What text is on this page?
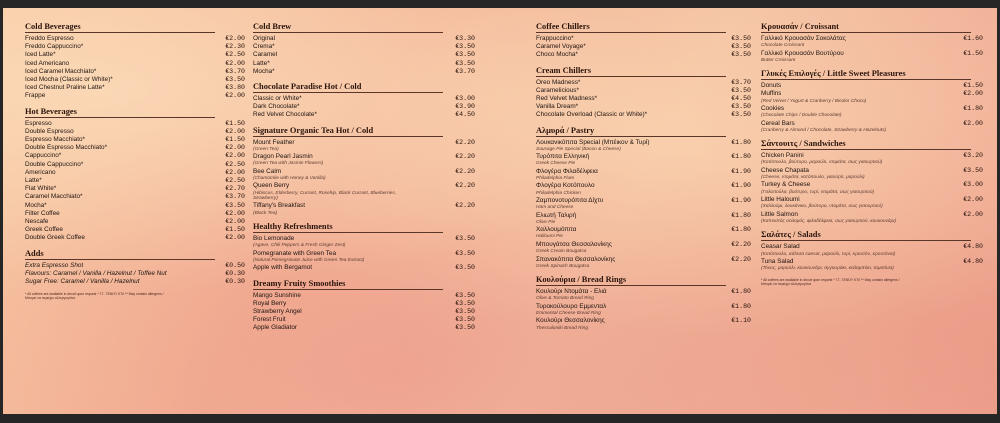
Cold Beverages
Freddo Espresso	€2.00
Freddo Cappuccino*	€2.30
Iced Latte*	€2.50
Iced Americano	€2.00
Iced Caramel Macchiato*	€3.70
Iced Mocha (Classic or White)*	€3.50
Iced Chestnut Praline Latte*	€3.80
Frappe	€2.00
Hot Beverages
Espresso	€1.50
Double Espresso	€2.00
Espresso Macchiato*	€1.50
Double Espresso Macchiato*	€2.00
Cappuccino*	€2.00
Double Cappuccino*	€2.50
Americano	€2.00
Latte*	€2.50
Flat White*	€2.70
Caramel Macchiato*	€3.70
Mocha*	€3.50
Filter Coffee	€2.00
Nescafe	€2.00
Greek Coffee	€1.50
Double Greek Coffee	€2.00
Adds
Extra Espresso Shot	€0.50
Flavours: Caramel / Vanilla / Hazelnut / Toffee Nut	€0.30
Sugar Free: Caramel / Vanilla / Hazelnut	€0.30
* All coffees are available in decaf upon request * Γ.Γ. ΞΕΝΟΥ ΚΤΛ ** May contain allergens / Μπορεί να περιέχει αλλεργιογόνα
Cold Brew
Original	€3.30
Crema*	€3.50
Caramel	€3.50
Latte*	€3.50
Mocha*	€3.70
Chocolate Paradise Hot / Cold
Classic or White*	€3.00
Dark Chocolate*	€3.90
Red Velvet Chocolate*	€4.50
Signature Organic Tea Hot / Cold
Mount Feather	€2.20
(Green Tea)
Dragon Pearl Jasmin	€2.20
(Green Tea with Jasmin Flowers)
Bee Calm	€2.20
(Chamomile with Honey & Vanilla)
Queen Berry	€2.20
(Hibiscus, Elderberry, Currant, Rosehip, Black Currant, Blueberries, Strawberry)
Tiffany's Breakfast	€2.20
(Black Tea)
Healthy Refreshments
Bio Lemonade	€3.50
(Agave, Chili Peppers & Fresh Ginger Zest)
Pomegranate with Green Tea	€3.50
(Natural Pomegranate Juice with Green Tea Extract)
Apple with Bergamot	€3.50
Dreamy Fruity Smoothies
Mango Sunshine	€3.50
Royal Berry	€3.50
Strawberry Angel	€3.50
Forest Fruit	€3.50
Apple Gladiator	€3.50
Coffee Chillers
Frappuccino*	€3.50
Caramel Voyage*	€3.50
Choco Mocha*	€3.50
Cream Chillers
Oreo Madness*	€3.70
Caramelicious*	€3.50
Red Velvet Madness*	€4.50
Vanilla Dream*	€3.50
Chocolate Overload (Classic or White)*	€3.50
Αλμυρά / Pastry
Λουκανικόπιτα Special (Μπέικον & Τυρί)	€1.80
Sausage Pie Special (Bacon & Cheese)
Τυρόπιτα Ελληνική	€1.80
Greek Cheese Pie
Φλογέρα Φιλαδέλφεια	€1.90
Philadelphia Flute
Φλογέρα Κοτόπουλο	€1.90
Philadelphia Chicken
Ζαμπονοτυρόπιτα Δίχτυ	€1.90
Ham and Cheese
Ελιωτή Ταλιρή	€1.80
Olive Pie
Χαλλουμόπιτα	€1.80
Halloumi Pie
Μπουγάτσα Θεσσαλονίκης	€2.20
Greek Cream Bougatsa
Σπανακόπιτα Θεσσαλονίκης	€2.20
Greek Spinach Bougatsa
Κουλούρια / Bread Rings
Κουλούρι Ντομάτα - Ελιά	€1.80
Olive & Tomato Bread Ring
Τυροκούλουρο Εμμενταλ	€1.80
Emmental Cheese Bread Ring
Κουλούρι Θεσσαλονίκης	€1.10
Thessaloniki Bread Ring
Κρουασάν / Croissant
Γαλλικό Κρουασάν Σοκολάτας	€1.60
Chocolate Croissant
Γαλλικό Κρουασάν Βουτύρου	€1.50
Butter Croissant
Γλυκές Επιλογές / Little Sweet Pleasures
Donuts	€1.50
Muffins	€2.00
(Red Velvet / Yogurt & Cranberry / Bicolor Choco)
Cookies	€1.80
(Chocolate Chips / Double Chocolate)
Cereal Bars	€2.00
(Cranberry & Almond / Chocolate, Strawberry & Hazelnuts)
Σάντουιτς / Sandwiches
Chicken Panini	€3.20
(Κοτόπουλο, βούτυρο, μαρούλι, ντομάτα, σως γιαουρτιού)
Cheese Chapata	€3.50
(Cheese, ντομάτα, κοτόπουλο, γιαούρτι, μαρούλι)
Turkey & Cheese	€3.00
(Γαλοπούλα, βούτυρο, τυρί, ντομάτα, σως γιαουρτιού)
Little Haloumi	€2.00
(Χαλλούμι, λουκάνικο, βούτυρο, ντομάτα, σως γιαουρτιού)
Little Salmon	€2.00
(Καπνιστός σολομός, φιλαδέλφεια, σως γιαουρτιού, κουκουνάρι)
Σαλάτες / Salads
Ceasar Salad	€4.80
(Κοτόπουλο, σάλτσα caesar, μαρούλι, τυρί, κρουτόν, κρουτόνια)
Tuna Salad	€4.80
(Τόνος, μαρούλι, κουκουνάρι, αγγουράκι, καλαμπόκι, τοματίνια)
* All coffees are available in decaf upon request * Γ.Γ. ΞΕΝΟΥ ΚΤΛ ** May contain allergens / Μπορεί να περιέχει αλλεργιογόνα
